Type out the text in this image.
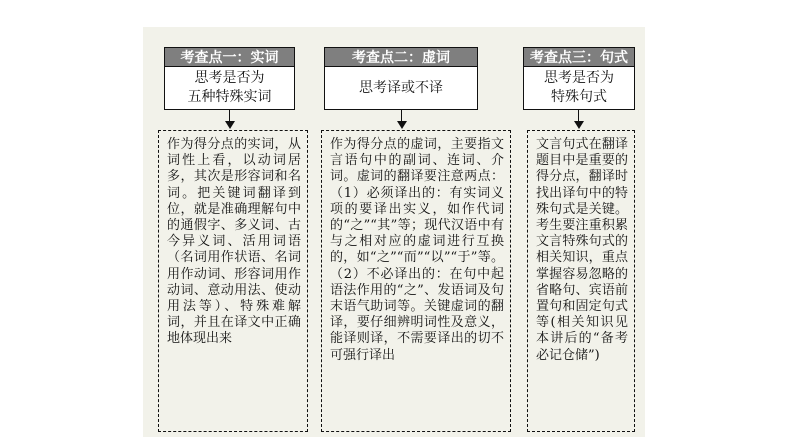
考查点一：实词
思考是否为
五种特殊实词
作为得分点的实词，从词性上看，以动词居多，其次是形容词和名词。把关键词翻译到位，就是准确理解句中的通假字、多义词、古今异义词、活用词语（名词用作状语、名词用作动词、形容词用作动词、意动用法、使动用法等）、特殊难解词，并且在译文中正确地体现出来
考查点二：虚词
思考译或不译
作为得分点的虚词，主要指文言语句中的副词、连词、介词。虚词的翻译要注意两点：（1）必须译出的：有实词义项的要译出实义，如作代词的“之”“其”等；现代汉语中有与之相对应的虚词进行互换的，如“之”“而”“以”“于”等。（2）不必译出的：在句中起语法作用的“之”、发语词及句末语气助词等。关键虚词的翻译，要仔细辨明词性及意义，能译则译，不需要译出的切不可强行译出
考查点三：句式
思考是否为
特殊句式
文言句式在翻译题目中是重要的得分点，翻译时找出译句中的特殊句式是关键。考生要注重积累文言特殊句式的相关知识，重点掌握容易忽略的省略句、宾语前置句和固定句式等(相关知识见本讲后的“备考必记仓储”)
